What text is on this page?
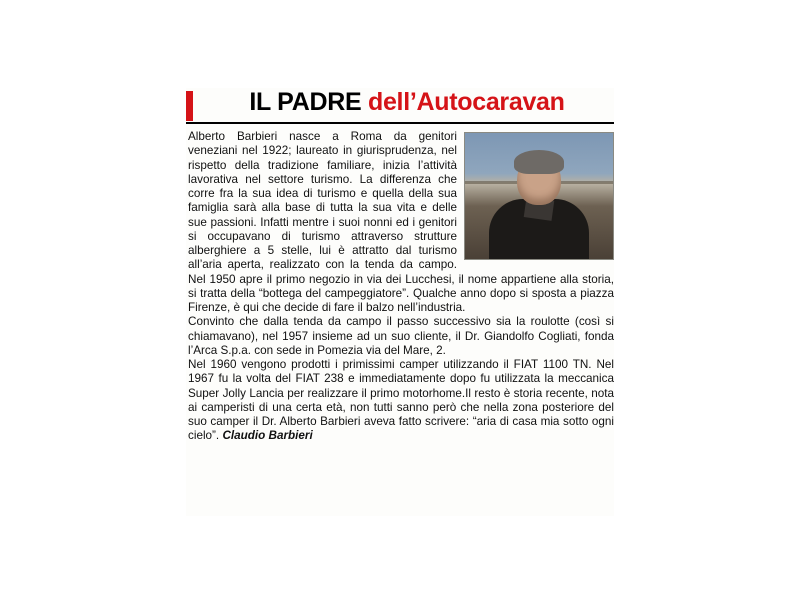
IL PADRE dell’Autocaravan
Alberto Barbieri nasce a Roma da genitori veneziani nel 1922; laureato in giurisprudenza, nel rispetto della tradizione familiare, inizia l’attività lavorativa nel settore turismo. La differenza che corre fra la sua idea di turismo e quella della sua famiglia sarà alla base di tutta la sua vita e delle sue passioni. Infatti mentre i suoi nonni ed i genitori si occupavano di turismo attraverso strutture alberghiere a 5 stelle, lui è attratto dal turismo all’aria aperta, realizzato con la tenda da campo. Nel 1950 apre il primo negozio in via dei Lucchesi, il nome appartiene alla storia, si tratta della “bottega del campeggiatore”. Qualche anno dopo si sposta a piazza Firenze, è qui che decide di fare il balzo nell’industria.
Convinto che dalla tenda da campo il passo successivo sia la roulotte (così si chiamavano), nel 1957 insieme ad un suo cliente, il Dr. Giandolfo Cogliati, fonda l’Arca S.p.a. con sede in Pomezia via del Mare, 2.
Nel 1960 vengono prodotti i primissimi camper utilizzando il FIAT 1100 TN. Nel 1967 fu la volta del FIAT 238 e immediatamente dopo fu utilizzata la meccanica Super Jolly Lancia per realizzare il primo motorhome.Il resto è storia recente, nota ai camperisti di una certa età, non tutti sanno però che nella zona posteriore del suo camper il Dr. Alberto Barbieri aveva fatto scrivere: “aria di casa mia sotto ogni cielo”. Claudio Barbieri
